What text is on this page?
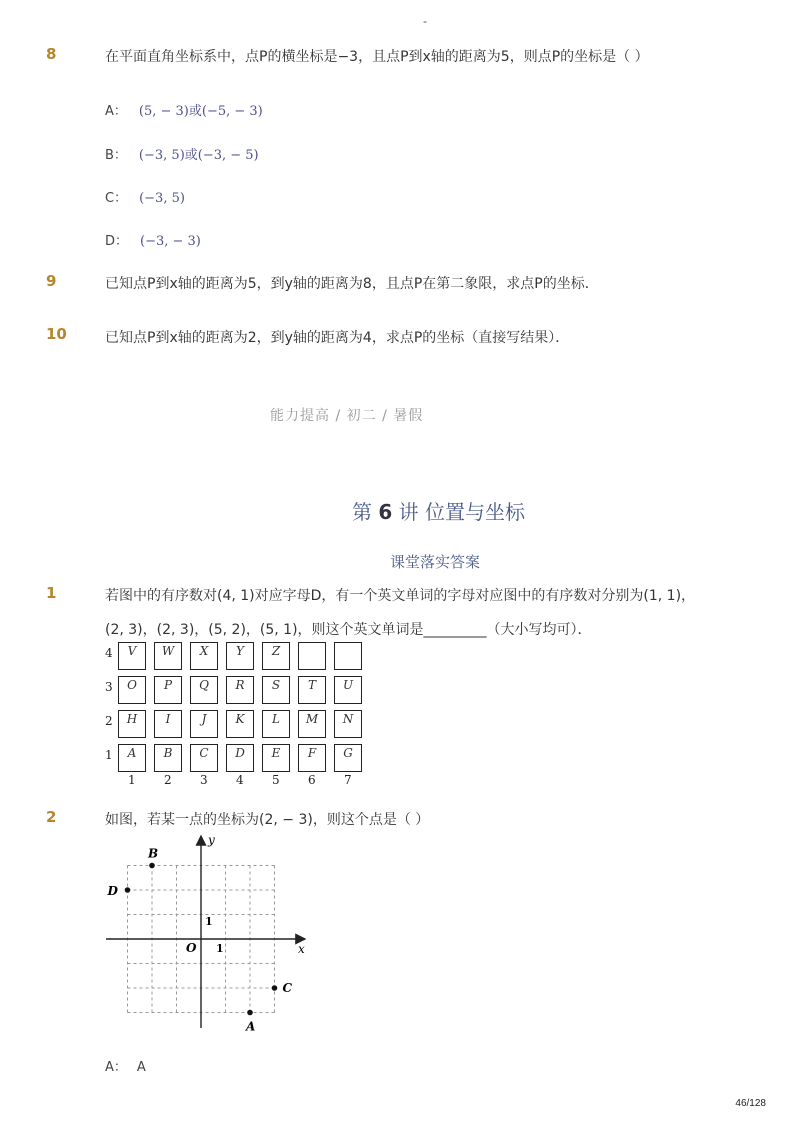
-
8	在平面直角坐标系中，点P的横坐标是−3，且点P到x轴的距离为5，则点P的坐标是（ ）
A： (5, − 3)或(−5, − 3)
B： (−3, 5)或(−3, − 5)
C： (−3, 5)
D： (−3, − 3)
9	已知点P到x轴的距离为5，到y轴的距离为8，且点P在第二象限，求点P的坐标．
10	已知点P到x轴的距离为2，到y轴的距离为4，求点P的坐标（直接写结果）．
能力提高 / 初二 / 暑假
第 6 讲 位置与坐标
课堂落实答案
1	若图中的有序数对(4, 1)对应字母D，有一个英文单词的字母对应图中的有序数对分别为(1, 1)，
(2, 3)，(2, 3)，(5, 2)，(5, 1)，则这个英文单词是_________（大小写均可）．
4	V	W	X	Y	Z
3	O	P	Q	R	S	T	U
2	H	I	J	K	L	M	N
1	A	B	C	D	E	F	G
1 2 3 4 5 6 7
2	如图，若某一点的坐标为(2, − 3)，则这个点是（ ）
x
y
O 1
1
B
D
C
A
A： A
46/128
